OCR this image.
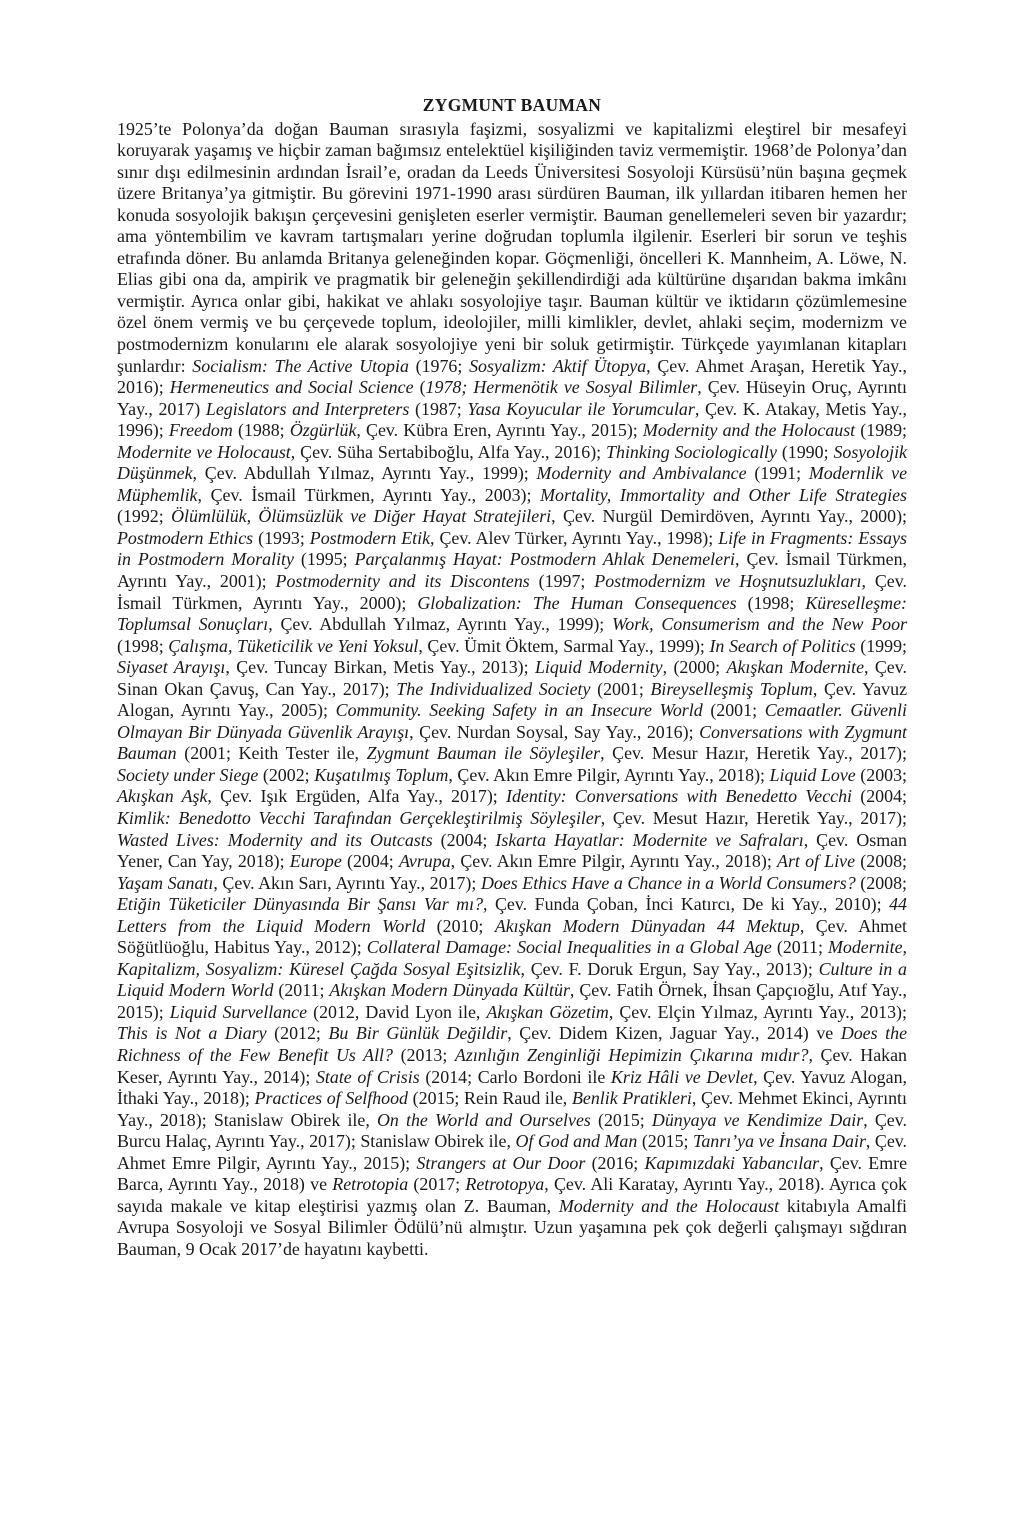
ZYGMUNT BAUMAN

1925’te Polonya’da doğan Bauman sırasıyla faşizmi, sosyalizmi ve kapitalizmi eleştirel bir mesafeyi koruyarak yaşamış ve hiçbir zaman bağımsız entelektüel kişiliğinden taviz vermemiştir. 1968’de Polonya’dan sınır dışı edilmesinin ardından İsrail’e, oradan da Leeds Üniversitesi Sosyoloji Kürsüsü’nün başına geçmek üzere Britanya’ya gitmiştir. Bu görevini 1971-1990 arası sürdüren Bauman, ilk yıllardan itibaren hemen her konuda sosyolojik bakışın çerçevesini genişleten eserler vermiştir. Bauman genellemeleri seven bir yazardır; ama yöntembilim ve kavram tartışmaları yerine doğrudan toplumla ilgilenir. Eserleri bir sorun ve teşhis etrafında döner. Bu anlamda Britanya geleneğinden kopar. Göçmenliği, öncelleri K. Mannheim, A. Löwe, N. Elias gibi ona da, ampirik ve pragmatik bir geleneğin şekillendirdiği ada kültürüne dışarıdan bakma imkânı vermiştir. Ayrıca onlar gibi, hakikat ve ahlakı sosyolojiye taşır. Bauman kültür ve iktidarın çözümlemesine özel önem vermiş ve bu çerçevede toplum, ideolojiler, milli kimlikler, devlet, ahlaki seçim, modernizm ve postmodernizm konularını ele alarak sosyolojiye yeni bir soluk getirmiştir. Türkçede yayımlanan kitapları şunlardır: Socialism: The Active Utopia (1976; Sosyalizm: Aktif Ütopya, Çev. Ahmet Araşan, Heretik Yay., 2016); Hermeneutics and Social Science (1978; Hermenötik ve Sosyal Bilimler, Çev. Hüseyin Oruç, Ayrıntı Yay., 2017) Legislators and Interpreters (1987; Yasa Koyucular ile Yorumcular, Çev. K. Atakay, Metis Yay., 1996); Freedom (1988; Özgürlük, Çev. Kübra Eren, Ayrıntı Yay., 2015); Modernity and the Holocaust (1989; Modernite ve Holocaust, Çev. Süha Sertabiboğlu, Alfa Yay., 2016); Thinking Sociologically (1990; Sosyolojik Düşünmek, Çev. Abdullah Yılmaz, Ayrıntı Yay., 1999); Modernity and Ambivalance (1991; Modernlik ve Müphemlik, Çev. İsmail Türkmen, Ayrıntı Yay., 2003); Mortality, Immortality and Other Life Strategies (1992; Ölümlülük, Ölümsüzlük ve Diğer Hayat Stratejileri, Çev. Nurgül Demirdöven, Ayrıntı Yay., 2000); Postmodern Ethics (1993; Postmodern Etik, Çev. Alev Türker, Ayrıntı Yay., 1998); Life in Fragments: Essays in Postmodern Morality (1995; Parçalanmış Hayat: Postmodern Ahlak Denemeleri, Çev. İsmail Türkmen, Ayrıntı Yay., 2001); Postmodernity and its Discontens (1997; Postmodernizm ve Hoşnutsuzlukları, Çev. İsmail Türkmen, Ayrıntı Yay., 2000); Globalization: The Human Consequences (1998; Küreselleşme: Toplumsal Sonuçları, Çev. Abdullah Yılmaz, Ayrıntı Yay., 1999); Work, Consumerism and the New Poor (1998; Çalışma, Tüketicilik ve Yeni Yoksul, Çev. Ümit Öktem, Sarmal Yay., 1999); In Search of Politics (1999; Siyaset Arayışı, Çev. Tuncay Birkan, Metis Yay., 2013); Liquid Modernity, (2000; Akışkan Modernite, Çev. Sinan Okan Çavuş, Can Yay., 2017); The Individualized Society (2001; Bireyselleşmiş Toplum, Çev. Yavuz Alogan, Ayrıntı Yay., 2005); Community. Seeking Safety in an Insecure World (2001; Cemaatler. Güvenli Olmayan Bir Dünyada Güvenlik Arayışı, Çev. Nurdan Soysal, Say Yay., 2016); Conversations with Zygmunt Bauman (2001; Keith Tester ile, Zygmunt Bauman ile Söyleşiler, Çev. Mesur Hazır, Heretik Yay., 2017); Society under Siege (2002; Kuşatılmış Toplum, Çev. Akın Emre Pilgir, Ayrıntı Yay., 2018); Liquid Love (2003; Akışkan Aşk, Çev. Işık Ergüden, Alfa Yay., 2017); Identity: Conversations with Benedetto Vecchi (2004; Kimlik: Benedotto Vecchi Tarafından Gerçekleştirilmiş Söyleşiler, Çev. Mesut Hazır, Heretik Yay., 2017); Wasted Lives: Modernity and its Outcasts (2004; Iskarta Hayatlar: Modernite ve Safraları, Çev. Osman Yener, Can Yay, 2018); Europe (2004; Avrupa, Çev. Akın Emre Pilgir, Ayrıntı Yay., 2018); Art of Live (2008; Yaşam Sanatı, Çev. Akın Sarı, Ayrıntı Yay., 2017); Does Ethics Have a Chance in a World Consumers? (2008; Etiğin Tüketiciler Dünyasında Bir Şansı Var mı?, Çev. Funda Çoban, İnci Katırcı, De ki Yay., 2010); 44 Letters from the Liquid Modern World (2010; Akışkan Modern Dünyadan 44 Mektup, Çev. Ahmet Söğütlüoğlu, Habitus Yay., 2012); Collateral Damage: Social Inequalities in a Global Age (2011; Modernite, Kapitalizm, Sosyalizm: Küresel Çağda Sosyal Eşitsizlik, Çev. F. Doruk Ergun, Say Yay., 2013); Culture in a Liquid Modern World (2011; Akışkan Modern Dünyada Kültür, Çev. Fatih Örnek, İhsan Çapçıoğlu, Atıf Yay., 2015); Liquid Survellance (2012, David Lyon ile, Akışkan Gözetim, Çev. Elçin Yılmaz, Ayrıntı Yay., 2013); This is Not a Diary (2012; Bu Bir Günlük Değildir, Çev. Didem Kizen, Jaguar Yay., 2014) ve Does the Richness of the Few Benefit Us All? (2013; Azınlığın Zenginliği Hepimizin Çıkarına mıdır?, Çev. Hakan Keser, Ayrıntı Yay., 2014); State of Crisis (2014; Carlo Bordoni ile Kriz Hâli ve Devlet, Çev. Yavuz Alogan, İthaki Yay., 2018); Practices of Selfhood (2015; Rein Raud ile, Benlik Pratikleri, Çev. Mehmet Ekinci, Ayrıntı Yay., 2018); Stanislaw Obirek ile, On the World and Ourselves (2015; Dünyaya ve Kendimize Dair, Çev. Burcu Halaç, Ayrıntı Yay., 2017); Stanislaw Obirek ile, Of God and Man (2015; Tanrı’ya ve İnsana Dair, Çev. Ahmet Emre Pilgir, Ayrıntı Yay., 2015); Strangers at Our Door (2016; Kapımızdaki Yabancılar, Çev. Emre Barca, Ayrıntı Yay., 2018) ve Retrotopia (2017; Retrotopya, Çev. Ali Karatay, Ayrıntı Yay., 2018). Ayrıca çok sayıda makale ve kitap eleştirisi yazmış olan Z. Bauman, Modernity and the Holocaust kitabıyla Amalfi Avrupa Sosyoloji ve Sosyal Bilimler Ödülü’nü almıştır. Uzun yaşamına pek çok değerli çalışmayı sığdıran Bauman, 9 Ocak 2017’de hayatını kaybetti.
